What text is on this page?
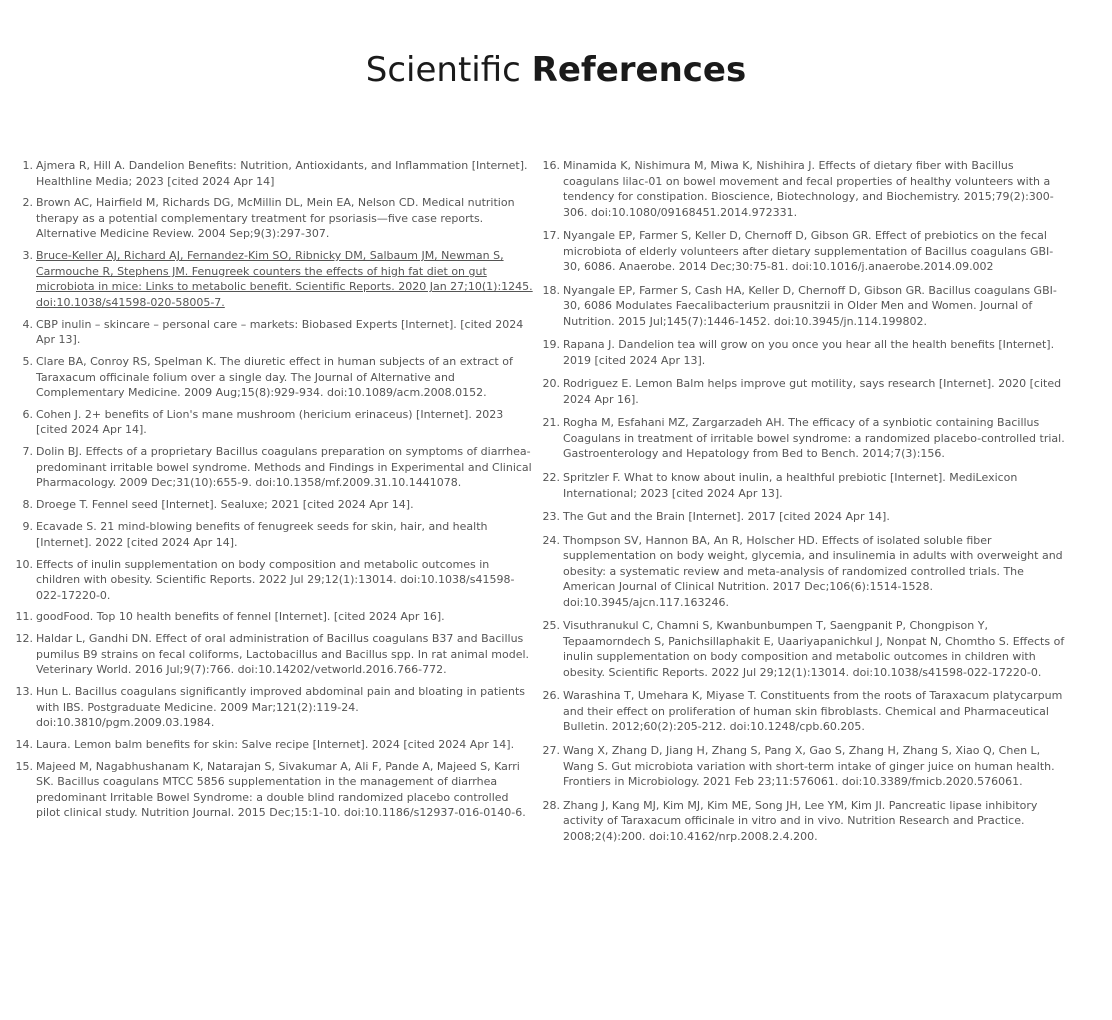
Scientific References
1. Ajmera R, Hill A. Dandelion Benefits: Nutrition, Antioxidants, and Inflammation [Internet]. Healthline Media; 2023 [cited 2024 Apr 14]
2. Brown AC, Hairfield M, Richards DG, McMillin DL, Mein EA, Nelson CD. Medical nutrition therapy as a potential complementary treatment for psoriasis—five case reports. Alternative Medicine Review. 2004 Sep;9(3):297-307.
3. Bruce-Keller AJ, Richard AJ, Fernandez-Kim SO, Ribnicky DM, Salbaum JM, Newman S, Carmouche R, Stephens JM. Fenugreek counters the effects of high fat diet on gut microbiota in mice: Links to metabolic benefit. Scientific Reports. 2020 Jan 27;10(1):1245. doi:10.1038/s41598-020-58005-7.
4. CBP inulin – skincare – personal care – markets: Biobased Experts [Internet]. [cited 2024 Apr 13].
5. Clare BA, Conroy RS, Spelman K. The diuretic effect in human subjects of an extract of Taraxacum officinale folium over a single day. The Journal of Alternative and Complementary Medicine. 2009 Aug;15(8):929-934. doi:10.1089/acm.2008.0152.
6. Cohen J. 2+ benefits of Lion's mane mushroom (hericium erinaceus) [Internet]. 2023 [cited 2024 Apr 14].
7. Dolin BJ. Effects of a proprietary Bacillus coagulans preparation on symptoms of diarrhea-predominant irritable bowel syndrome. Methods and Findings in Experimental and Clinical Pharmacology. 2009 Dec;31(10):655-9. doi:10.1358/mf.2009.31.10.1441078.
8. Droege T. Fennel seed [Internet]. Sealuxe; 2021 [cited 2024 Apr 14].
9. Ecavade S. 21 mind-blowing benefits of fenugreek seeds for skin, hair, and health [Internet]. 2022 [cited 2024 Apr 14].
10. Effects of inulin supplementation on body composition and metabolic outcomes in children with obesity. Scientific Reports. 2022 Jul 29;12(1):13014. doi:10.1038/s41598-022-17220-0.
11. goodFood. Top 10 health benefits of fennel [Internet]. [cited 2024 Apr 16].
12. Haldar L, Gandhi DN. Effect of oral administration of Bacillus coagulans B37 and Bacillus pumilus B9 strains on fecal coliforms, Lactobacillus and Bacillus spp. In rat animal model. Veterinary World. 2016 Jul;9(7):766. doi:10.14202/vetworld.2016.766-772.
13. Hun L. Bacillus coagulans significantly improved abdominal pain and bloating in patients with IBS. Postgraduate Medicine. 2009 Mar;121(2):119-24. doi:10.3810/pgm.2009.03.1984.
14. Laura. Lemon balm benefits for skin: Salve recipe [Internet]. 2024 [cited 2024 Apr 14].
15. Majeed M, Nagabhushanam K, Natarajan S, Sivakumar A, Ali F, Pande A, Majeed S, Karri SK. Bacillus coagulans MTCC 5856 supplementation in the management of diarrhea predominant Irritable Bowel Syndrome: a double blind randomized placebo controlled pilot clinical study. Nutrition Journal. 2015 Dec;15:1-10. doi:10.1186/s12937-016-0140-6.
16. Minamida K, Nishimura M, Miwa K, Nishihira J. Effects of dietary fiber with Bacillus coagulans lilac-01 on bowel movement and fecal properties of healthy volunteers with a tendency for constipation. Bioscience, Biotechnology, and Biochemistry. 2015;79(2):300-306. doi:10.1080/09168451.2014.972331.
17. Nyangale EP, Farmer S, Keller D, Chernoff D, Gibson GR. Effect of prebiotics on the fecal microbiota of elderly volunteers after dietary supplementation of Bacillus coagulans GBI-30, 6086. Anaerobe. 2014 Dec;30:75-81. doi:10.1016/j.anaerobe.2014.09.002
18. Nyangale EP, Farmer S, Cash HA, Keller D, Chernoff D, Gibson GR. Bacillus coagulans GBI-30, 6086 Modulates Faecalibacterium prausnitzii in Older Men and Women. Journal of Nutrition. 2015 Jul;145(7):1446-1452. doi:10.3945/jn.114.199802.
19. Rapana J. Dandelion tea will grow on you once you hear all the health benefits [Internet]. 2019 [cited 2024 Apr 13].
20. Rodriguez E. Lemon Balm helps improve gut motility, says research [Internet]. 2020 [cited 2024 Apr 16].
21. Rogha M, Esfahani MZ, Zargarzadeh AH. The efficacy of a synbiotic containing Bacillus Coagulans in treatment of irritable bowel syndrome: a randomized placebo-controlled trial. Gastroenterology and Hepatology from Bed to Bench. 2014;7(3):156.
22. Spritzler F. What to know about inulin, a healthful prebiotic [Internet]. MediLexicon International; 2023 [cited 2024 Apr 13].
23. The Gut and the Brain [Internet]. 2017 [cited 2024 Apr 14].
24. Thompson SV, Hannon BA, An R, Holscher HD. Effects of isolated soluble fiber supplementation on body weight, glycemia, and insulinemia in adults with overweight and obesity: a systematic review and meta-analysis of randomized controlled trials. The American Journal of Clinical Nutrition. 2017 Dec;106(6):1514-1528. doi:10.3945/ajcn.117.163246.
25. Visuthranukul C, Chamni S, Kwanbunbumpen T, Saengpanit P, Chongpison Y, Tepaamorndech S, Panichsillaphakit E, Uaariyapanichkul J, Nonpat N, Chomtho S. Effects of inulin supplementation on body composition and metabolic outcomes in children with obesity. Scientific Reports. 2022 Jul 29;12(1):13014. doi:10.1038/s41598-022-17220-0.
26. Warashina T, Umehara K, Miyase T. Constituents from the roots of Taraxacum platycarpum and their effect on proliferation of human skin fibroblasts. Chemical and Pharmaceutical Bulletin. 2012;60(2):205-212. doi:10.1248/cpb.60.205.
27. Wang X, Zhang D, Jiang H, Zhang S, Pang X, Gao S, Zhang H, Zhang S, Xiao Q, Chen L, Wang S. Gut microbiota variation with short-term intake of ginger juice on human health. Frontiers in Microbiology. 2021 Feb 23;11:576061. doi:10.3389/fmicb.2020.576061.
28. Zhang J, Kang MJ, Kim MJ, Kim ME, Song JH, Lee YM, Kim JI. Pancreatic lipase inhibitory activity of Taraxacum officinale in vitro and in vivo. Nutrition Research and Practice. 2008;2(4):200. doi:10.4162/nrp.2008.2.4.200.
